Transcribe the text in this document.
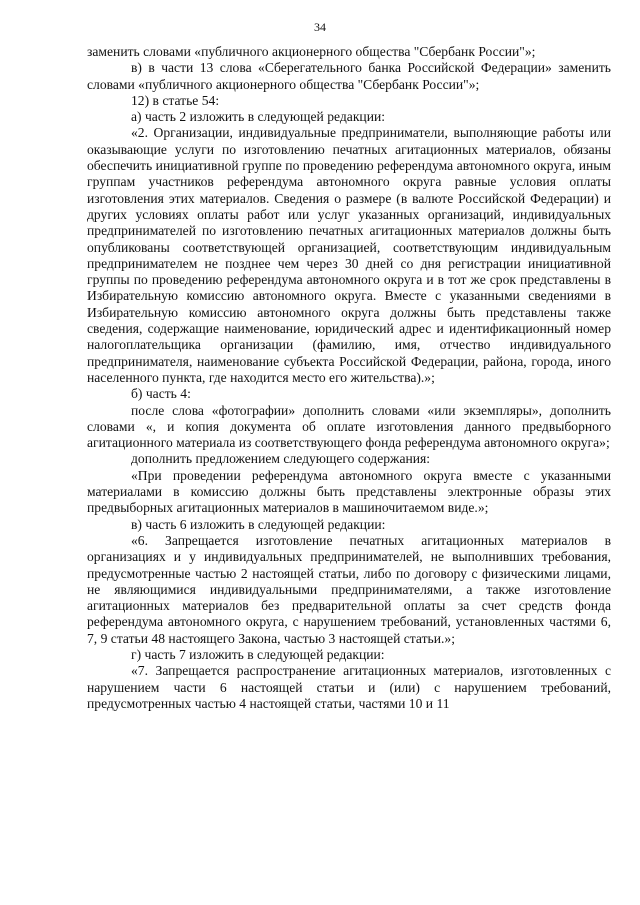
34

заменить словами «публичного акционерного общества "Сбербанк России"»;

в) в части 13 слова «Сберегательного банка Российской Федерации» заменить словами «публичного акционерного общества "Сбербанк России"»;

12) в статье 54:

а) часть 2 изложить в следующей редакции:

«2. Организации, индивидуальные предприниматели, выполняющие работы или оказывающие услуги по изготовлению печатных агитационных материалов, обязаны обеспечить инициативной группе по проведению референдума автономного округа, иным группам участников референдума автономного округа равные условия оплаты изготовления этих материалов. Сведения о размере (в валюте Российской Федерации) и других условиях оплаты работ или услуг указанных организаций, индивидуальных предпринимателей по изготовлению печатных агитационных материалов должны быть опубликованы соответствующей организацией, соответствующим индивидуальным предпринимателем не позднее чем через 30 дней со дня регистрации инициативной группы по проведению референдума автономного округа и в тот же срок представлены в Избирательную комиссию автономного округа. Вместе с указанными сведениями в Избирательную комиссию автономного округа должны быть представлены также сведения, содержащие наименование, юридический адрес и идентификационный номер налогоплательщика организации (фамилию, имя, отчество индивидуального предпринимателя, наименование субъекта Российской Федерации, района, города, иного населенного пункта, где находится место его жительства).»;

б) часть 4:

после слова «фотографии» дополнить словами «или экземпляры», дополнить словами «, и копия документа об оплате изготовления данного предвыборного агитационного материала из соответствующего фонда референдума автономного округа»;

дополнить предложением следующего содержания:

«При проведении референдума автономного округа вместе с указанными материалами в комиссию должны быть представлены электронные образы этих предвыборных агитационных материалов в машиночитаемом виде.»;

в) часть 6 изложить в следующей редакции:

«6. Запрещается изготовление печатных агитационных материалов в организациях и у индивидуальных предпринимателей, не выполнивших требования, предусмотренные частью 2 настоящей статьи, либо по договору с физическими лицами, не являющимися индивидуальными предпринимателями, а также изготовление агитационных материалов без предварительной оплаты за счет средств фонда референдума автономного округа, с нарушением требований, установленных частями 6, 7, 9 статьи 48 настоящего Закона, частью 3 настоящей статьи.»;

г) часть 7 изложить в следующей редакции:

«7. Запрещается распространение агитационных материалов, изготовленных с нарушением части 6 настоящей статьи и (или) с нарушением требований, предусмотренных частью 4 настоящей статьи, частями 10 и 11
